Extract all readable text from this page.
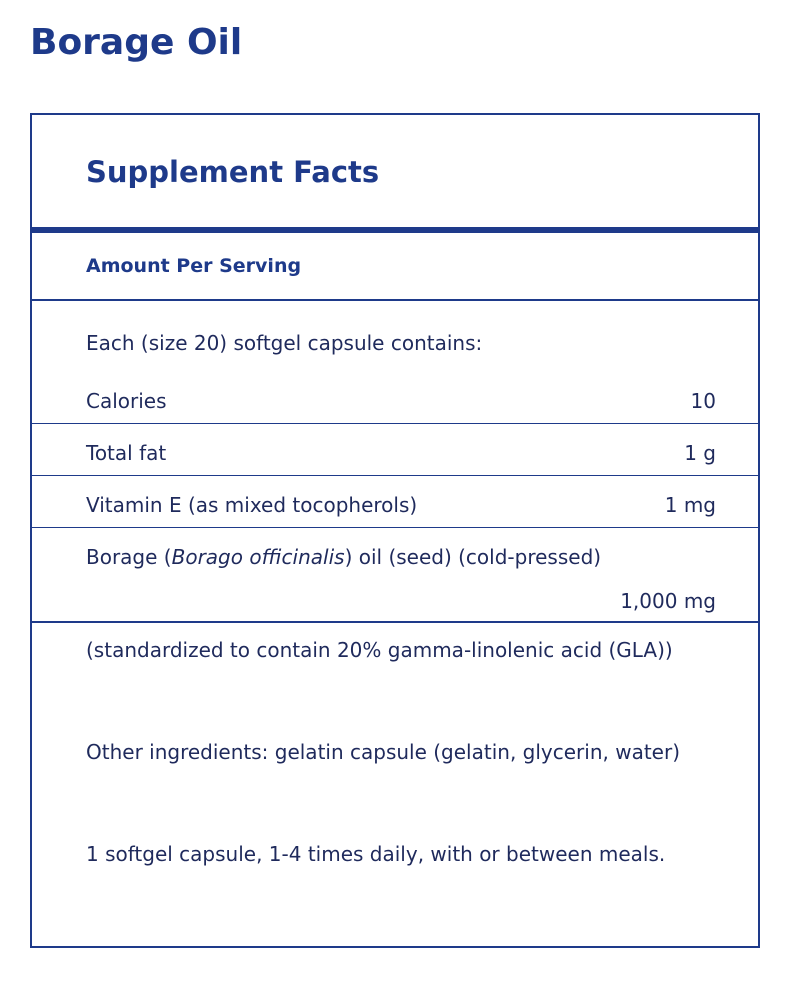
Borage Oil
Supplement Facts
Amount Per Serving
Each (size 20) softgel capsule contains:
Calories	10
Total fat	1 g
Vitamin E (as mixed tocopherols)	1 mg
Borage (Borago officinalis) oil (seed) (cold-pressed)
1,000 mg

(standardized to contain 20% gamma-linolenic acid (GLA))

Other ingredients: gelatin capsule (gelatin, glycerin, water)

1 softgel capsule, 1-4 times daily, with or between meals.
